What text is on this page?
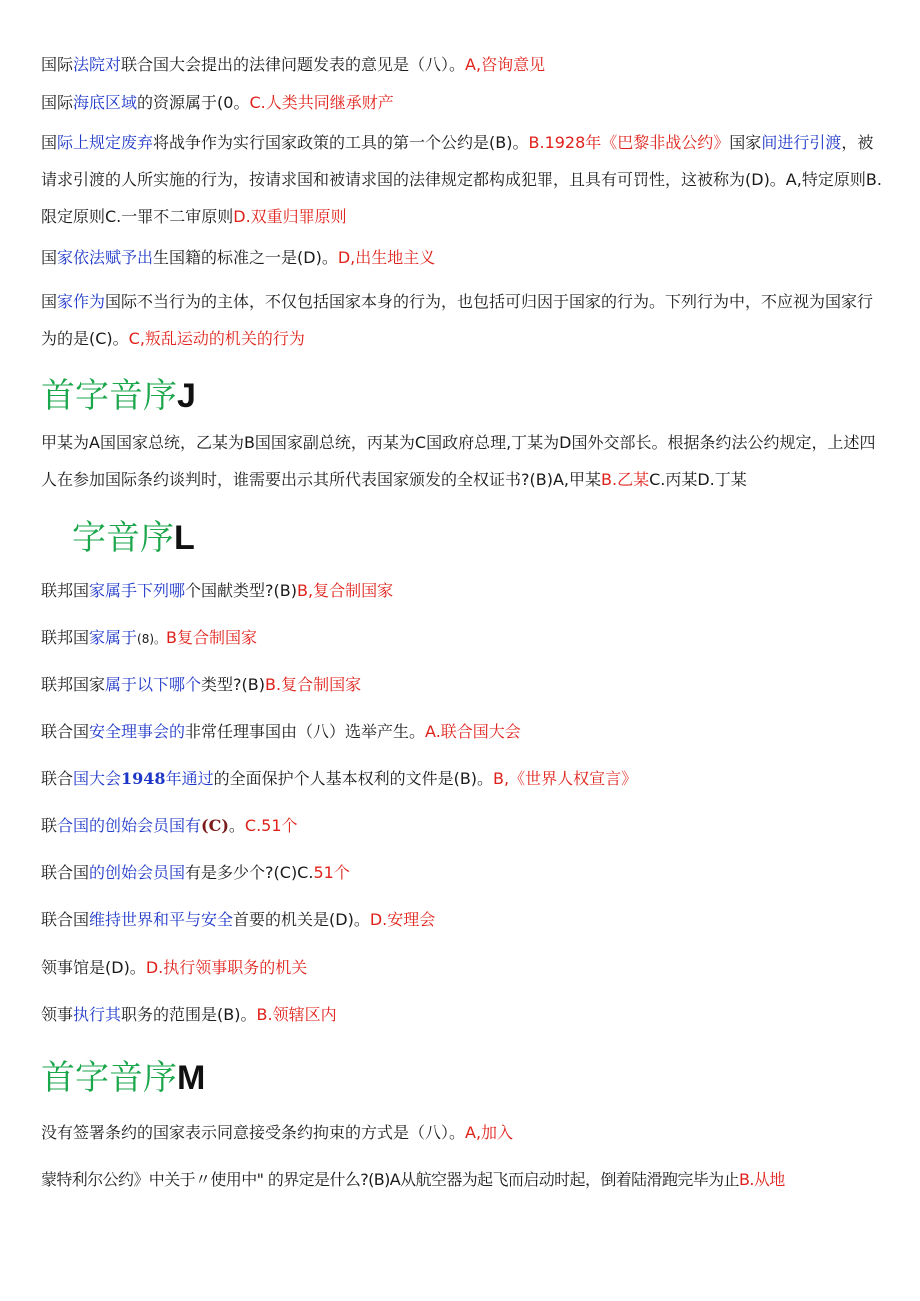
国际法院对联合国大会提出的法律问题发表的意见是（八）。A,咨询意见
国际海底区域的资源属于(0。C.人类共同继承财产
国际上规定废弃将战争作为实行国家政策的工具的第一个公约是(B)。B.1928年《巴黎非战公约》国家间进行引渡，被请求引渡的人所实施的行为，按请求国和被请求国的法律规定都构成犯罪，且具有可罚性，这被称为(D)。A,特定原则B.限定原则C.一罪不二审原则D.双重归罪原则
国家依法赋予出生国籍的标准之一是(D)。D,出生地主义
国家作为国际不当行为的主体，不仅包括国家本身的行为，也包括可归因于国家的行为。下列行为中，不应视为国家行为的是(C)。C,叛乱运动的机关的行为
首字音序J
甲某为A国国家总统，乙某为B国国家副总统，丙某为C国政府总理,丁某为D国外交部长。根据条约法公约规定，上述四人在参加国际条约谈判时，谁需要出示其所代表国家颁发的全权证书?(B)A,甲某B.乙某C.丙某D.丁某
字音序L
联邦国家属手下列哪个国献类型?(B)B,复合制国家
联邦国家属于(8)。B复合制国家
联邦国家属于以下哪个类型?(B)B.复合制国家
联合国安全理事会的非常任理事国由（八）选举产生。A.联合国大会
联合国大会1948年通过的全面保护个人基本权利的文件是(B)。B,《世界人权宣言》
联合国的创始会员国有(C)。C.51个
联合国的创始会员国有是多少个?(C)C.51个
联合国维持世界和平与安全首要的机关是(D)。D.安理会
领事馆是(D)。D.执行领事职务的机关
领事执行其职务的范围是(B)。B.领辖区内
首字音序M
没有签署条约的国家表示同意接受条约拘束的方式是（八）。A,加入
蒙特利尔公约》中关于〃使用中" 的界定是什么?(B)A从航空器为起飞而启动时起，倒着陆滑跑完毕为止B.从地
